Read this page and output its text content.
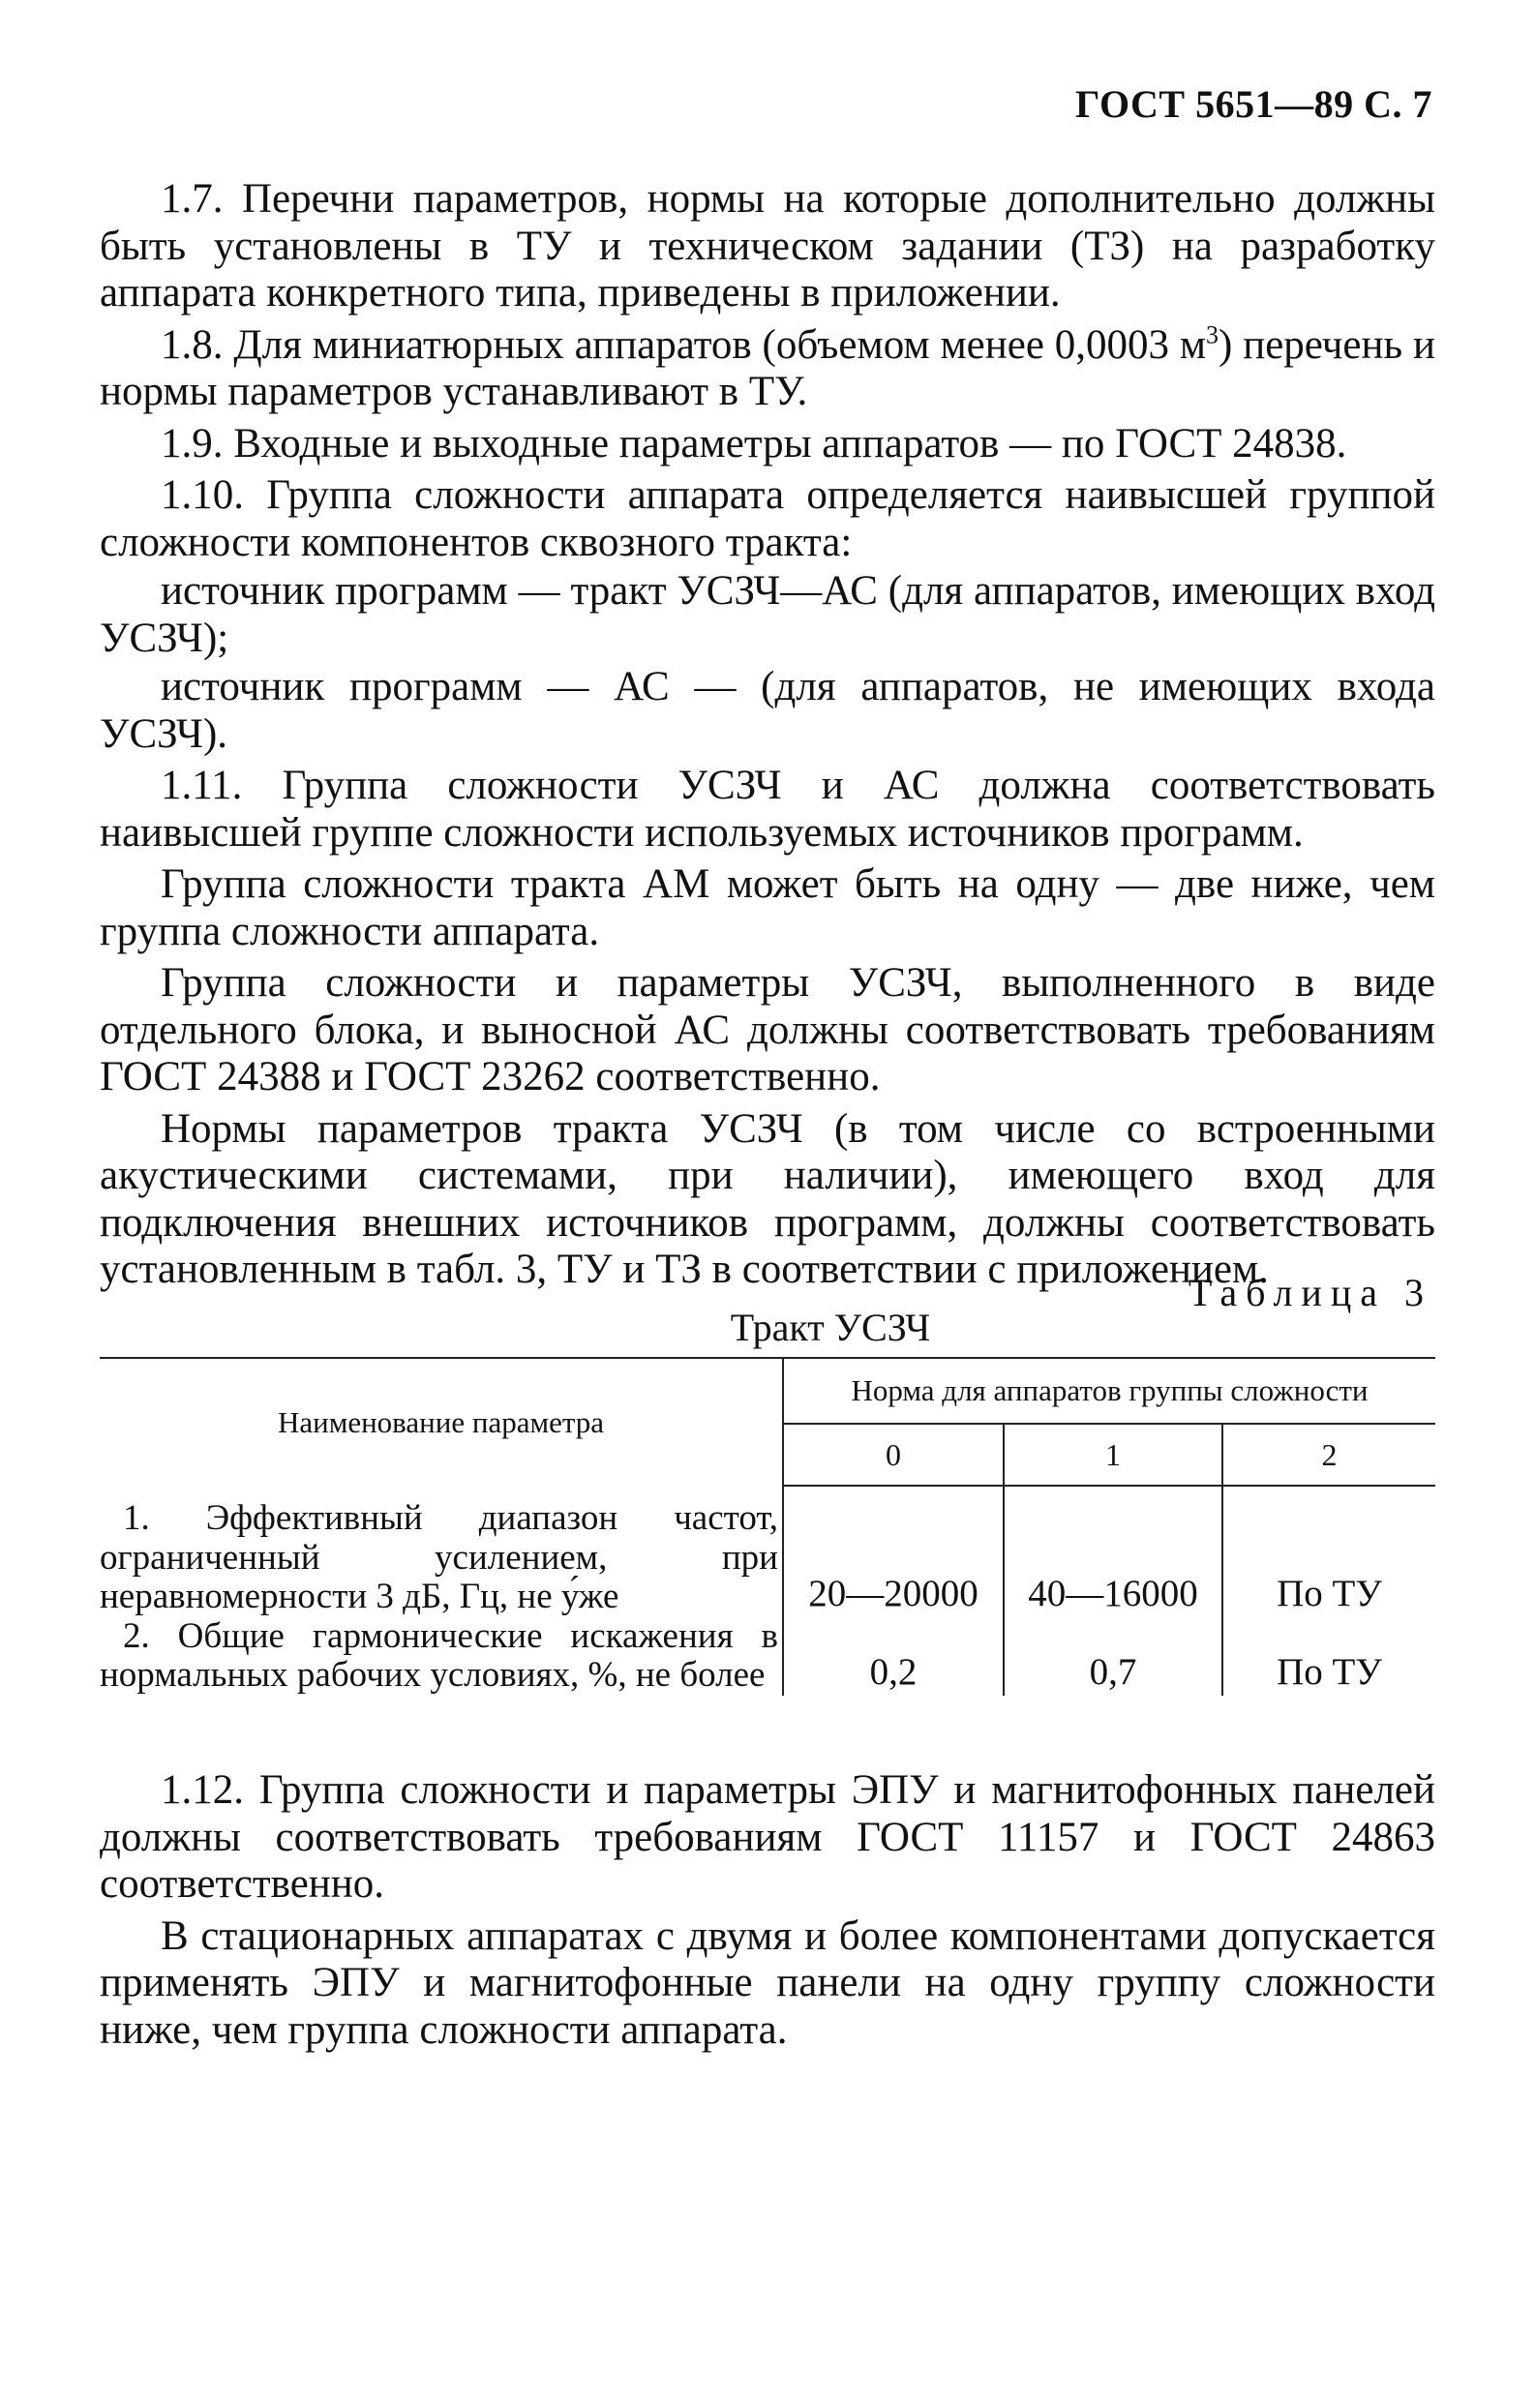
ГОСТ 5651—89 С. 7

1.7. Перечни параметров, нормы на которые дополнительно должны быть установлены в ТУ и техническом задании (ТЗ) на разработку аппарата конкретного типа, приведены в приложении.

1.8. Для миниатюрных аппаратов (объемом менее 0,0003 $м^3$) перечень и нормы параметров устанавливают в ТУ.

1.9. Входные и выходные параметры аппаратов — по ГОСТ 24838.

1.10. Группа сложности аппарата определяется наивысшей группой сложности компонентов сквозного тракта:

источник программ — тракт УСЗЧ—АС (для аппаратов, имеющих вход УСЗЧ);

источник программ — АС — (для аппаратов, не имеющих входа УСЗЧ).

1.11. Группа сложности УСЗЧ и АС должна соответствовать наивысшей группе сложности используемых источников программ.

Группа сложности тракта АМ может быть на одну — две ниже, чем группа сложности аппарата.

Группа сложности и параметры УСЗЧ, выполненного в виде отдельного блока, и выносной АС должны соответствовать требованиям ГОСТ 24388 и ГОСТ 23262 соответственно.

Нормы параметров тракта УСЗЧ (в том числе со встроенными акустическими системами, при наличии), имеющего вход для подключения внешних источников программ, должны соответствовать установленным в табл. 3, ТУ и ТЗ в соответствии с приложением.

Таблица 3
Тракт УСЗЧ
Наименование параметра	Норма для аппаратов группы сложности		
	0	1	2

1. Эффективный диапазон частот, ограниченный усилением, при неравномерности 3 дБ, Гц, не у́же	20—20000	40—16000	По ТУ

2. Общие гармонические искажения в нормальных рабочих условиях, %, не более	0,2	0,7	По ТУ

1.12. Группа сложности и параметры ЭПУ и магнитофонных панелей должны соответствовать требованиям ГОСТ 11157 и ГОСТ 24863 соответственно.

В стационарных аппаратах с двумя и более компонентами допускается применять ЭПУ и магнитофонные панели на одну группу сложности ниже, чем группа сложности аппарата.
